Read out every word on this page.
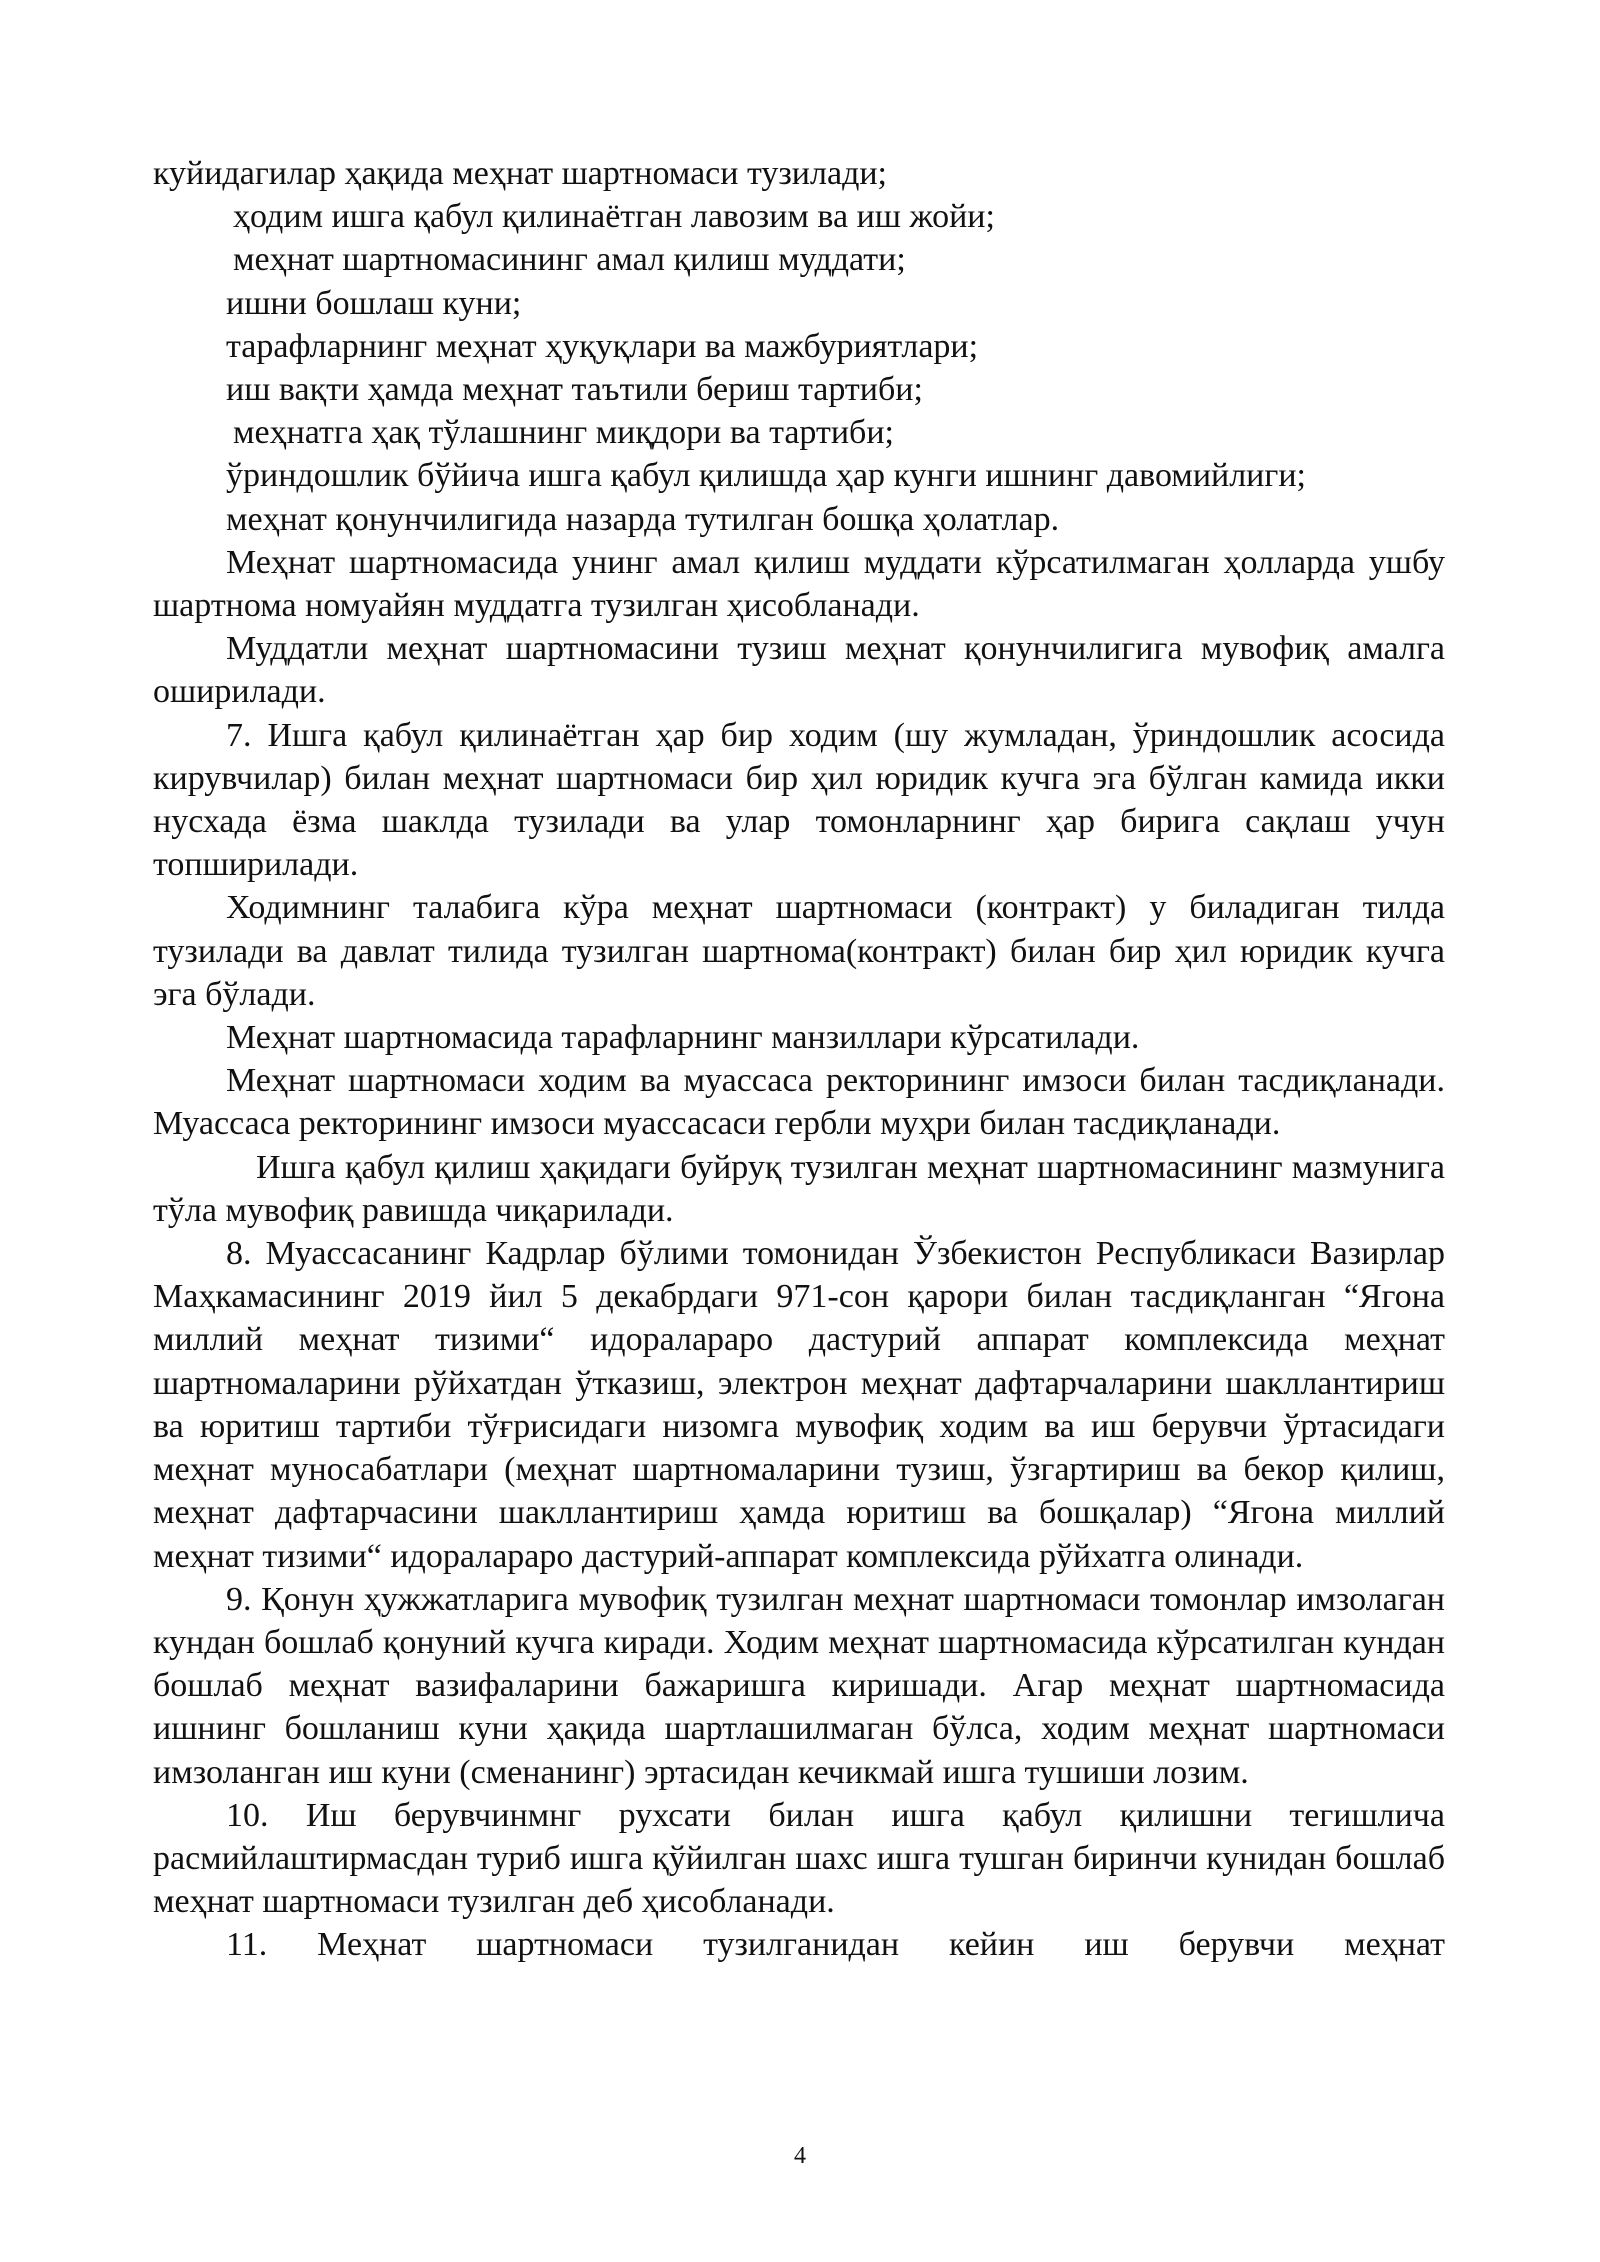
куйидагилар ҳақида меҳнат шартномаси тузилади;

ҳодим ишга қабул қилинаётган лавозим ва иш жойи;

меҳнат шартномасининг амал қилиш муддати;

ишни бошлаш куни;

тарафларнинг меҳнат ҳуқуқлари ва мажбуриятлари;

иш вақти ҳамда меҳнат таътили бериш тартиби;

меҳнатга ҳақ тўлашнинг миқдори ва тартиби;

ўриндошлик бўйича ишга қабул қилишда ҳар кунги ишнинг давомийлиги;

меҳнат қонунчилигида назарда тутилган бошқа ҳолатлар.

Меҳнат шартномасида унинг амал қилиш муддати кўрсатилмаган ҳолларда ушбу шартнома номуайян муддатга тузилган ҳисобланади.

Муддатли меҳнат шартномасини тузиш меҳнат қонунчилигига мувофиқ амалга оширилади.

7. Ишга қабул қилинаётган ҳар бир ходим (шу жумладан, ўриндошлик асосида кирувчилар) билан меҳнат шартномаси бир ҳил юридик кучга эга бўлган камида икки нусхада ёзма шаклда тузилади ва улар томонларнинг ҳар бирига сақлаш учун топширилади.

Ходимнинг талабига кўра меҳнат шартномаси (контракт) у биладиган тилда тузилади ва давлат тилида тузилган шартнома(контракт) билан бир ҳил юридик кучга эга бўлади.

Меҳнат шартномасида тарафларнинг манзиллари кўрсатилади.

Меҳнат шартномаси ходим ва муассаса ректорининг имзоси билан тасдиқланади. Муассаса ректорининг имзоси муассасаси гербли муҳри билан тасдиқланади.

Ишга қабул қилиш ҳақидаги буйруқ тузилган меҳнат шартномасининг мазмунига тўла мувофиқ равишда чиқарилади.

8. Муассасанинг Кадрлар бўлими томонидан Ўзбекистон Республикаси Вазирлар Маҳкамасининг 2019 йил 5 декабрдаги 971-сон қарори билан тасдиқланган “Ягона миллий меҳнат тизими“ идоралараро дастурий аппарат комплексида меҳнат шартномаларини рўйхатдан ўтказиш, электрон меҳнат дафтарчаларини шакллантириш ва юритиш тартиби тўғрисидаги низомга мувофиқ ходим ва иш берувчи ўртасидаги меҳнат муносабатлари (меҳнат шартномаларини тузиш, ўзгартириш ва бекор қилиш, меҳнат дафтарчасини шакллантириш ҳамда юритиш ва бошқалар) “Ягона миллий меҳнат тизими“ идоралараро дастурий-аппарат комплексида рўйхатга олинади.

9. Қонун ҳужжатларига мувофиқ тузилган меҳнат шартномаси томонлар имзолаган кундан бошлаб қонуний кучга киради. Ходим меҳнат шартномасида кўрсатилган кундан бошлаб меҳнат вазифаларини бажаришга киришади. Агар меҳнат шартномасида ишнинг бошланиш куни ҳақида шартлашилмаган бўлса, ходим меҳнат шартномаси имзоланган иш куни (сменанинг) эртасидан кечикмай ишга тушиши лозим.

10. Иш берувчинмнг рухсати билан ишга қабул қилишни тегишлича расмийлаштирмасдан туриб ишга қўйилган шахс ишга тушган биринчи кунидан бошлаб меҳнат шартномаси тузилган деб ҳисобланади.

11. Меҳнат шартномаси тузилганидан кейин иш берувчи меҳнат

4
